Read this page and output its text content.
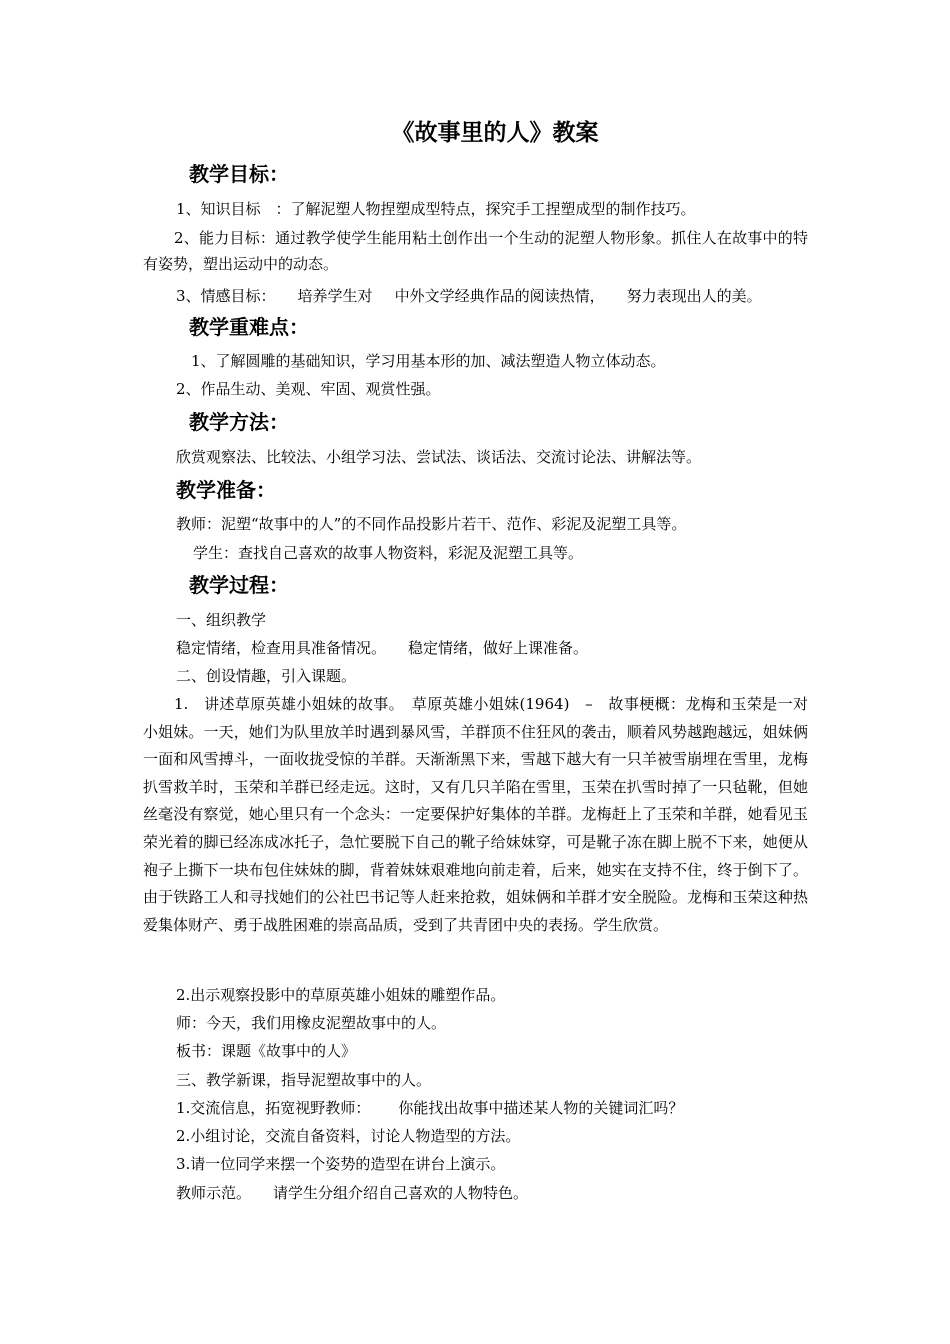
《故事里的人》教案
教学目标：
1、知识目标　：了解泥塑人物捏塑成型特点，探究手工捏塑成型的制作技巧。
2、能力目标：通过教学使学生能用粘土创作出一个生动的泥塑人物形象。抓住人在故事中的特有姿势，塑出运动中的动态。
3、情感目标： 培养学生对 中外文学经典作品的阅读热情， 努力表现出人的美。
教学重难点：
1、了解圆雕的基础知识，学习用基本形的加、减法塑造人物立体动态。
2、作品生动、美观、牢固、观赏性强。
教学方法：
欣赏观察法、比较法、小组学习法、尝试法、谈话法、交流讨论法、讲解法等。
教学准备：
教师：泥塑“故事中的人”的不同作品投影片若干、范作、彩泥及泥塑工具等。
学生：查找自己喜欢的故事人物资料，彩泥及泥塑工具等。
教学过程：
一、组织教学
稳定情绪，检查用具准备情况。 稳定情绪，做好上课准备。
二、创设情趣，引入课题。
1.　讲述草原英雄小姐妹的故事。　草原英雄小姐妹(1964)　–　故事梗概：龙梅和玉荣是一对小姐妹。一天，她们为队里放羊时遇到暴风雪，羊群顶不住狂风的袭击，顺着风势越跑越远，姐妹俩一面和风雪搏斗，一面收拢受惊的羊群。天渐渐黑下来，雪越下越大有一只羊被雪崩埋在雪里，龙梅扒雪救羊时，玉荣和羊群已经走远。这时，又有几只羊陷在雪里，玉荣在扒雪时掉了一只毡靴，但她丝毫没有察觉，她心里只有一个念头：一定要保护好集体的羊群。龙梅赶上了玉荣和羊群，她看见玉荣光着的脚已经冻成冰托子，急忙要脱下自己的靴子给妹妹穿，可是靴子冻在脚上脱不下来，她便从袍子上撕下一块布包住妹妹的脚，背着妹妹艰难地向前走着，后来，她实在支持不住，终于倒下了。由于铁路工人和寻找她们的公社巴书记等人赶来抢救，姐妹俩和羊群才安全脱险。龙梅和玉荣这种热爱集体财产、勇于战胜困难的崇高品质，受到了共青团中央的表扬。学生欣赏。
2.出示观察投影中的草原英雄小姐妹的雕塑作品。
师：今天，我们用橡皮泥塑故事中的人。
板书：课题《故事中的人》
三、教学新课，指导泥塑故事中的人。
1.交流信息，拓宽视野教师： 你能找出故事中描述某人物的关键词汇吗？
2.小组讨论，交流自备资料，讨论人物造型的方法。
3.请一位同学来摆一个姿势的造型在讲台上演示。
教师示范。 请学生分组介绍自己喜欢的人物特色。
